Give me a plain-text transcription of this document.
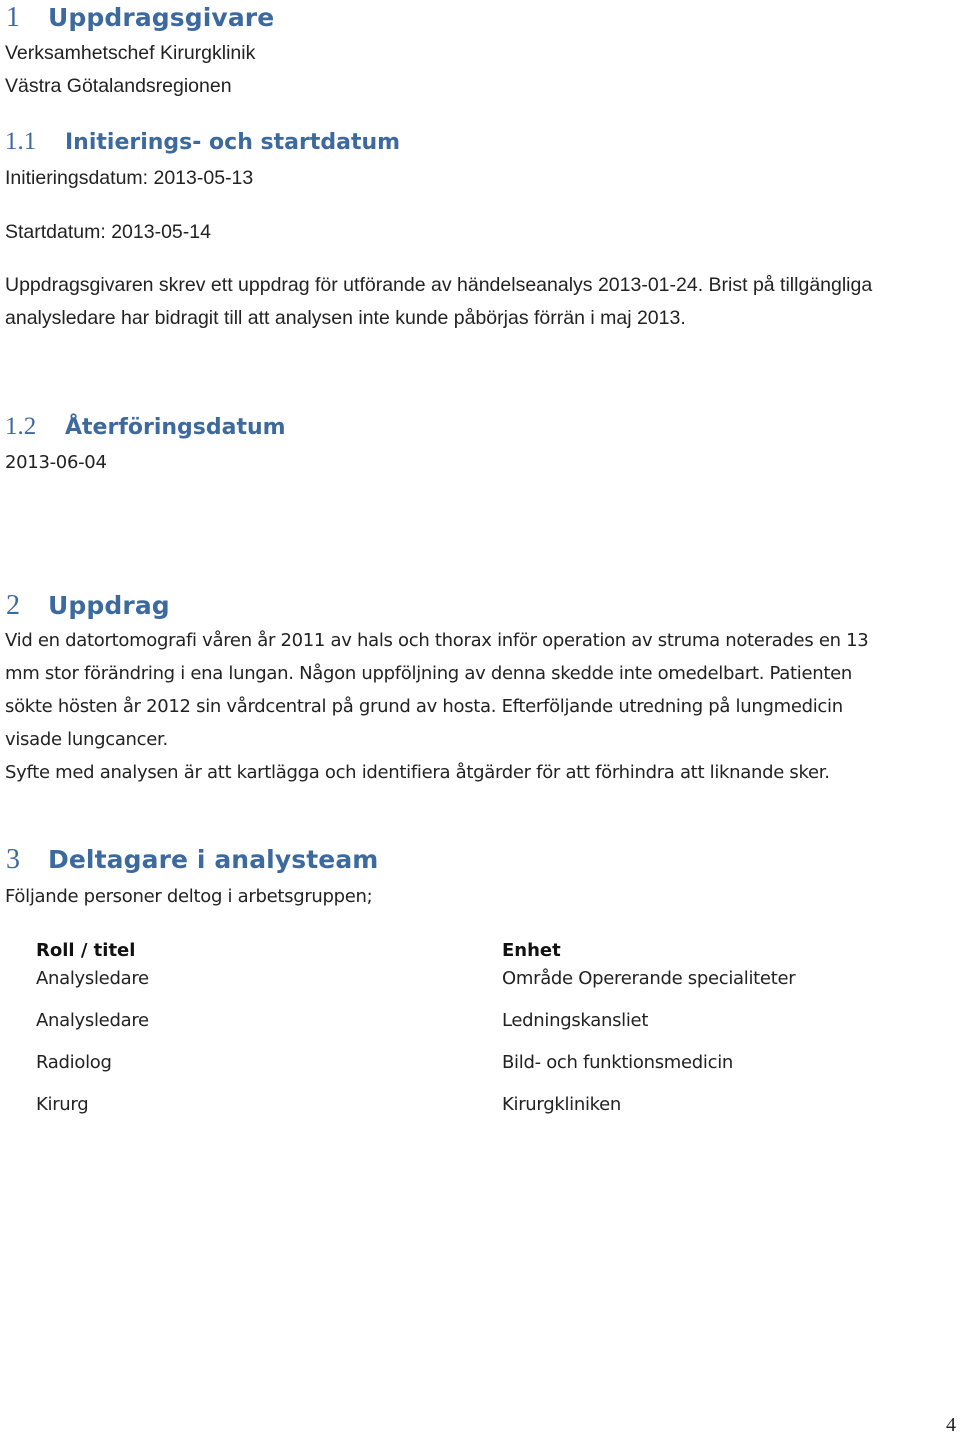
1 Uppdragsgivare
Verksamhetschef Kirurgklinik
Västra Götalandsregionen
1.1 Initierings- och startdatum
Initieringsdatum: 2013-05-13
Startdatum: 2013-05-14
Uppdragsgivaren skrev ett uppdrag för utförande av händelseanalys 2013-01-24. Brist på tillgängliga
analysledare har bidragit till att analysen inte kunde påbörjas förrän i maj 2013.
1.2 Återföringsdatum
2013-06-04
2 Uppdrag
Vid en datortomografi våren år 2011 av hals och thorax inför operation av struma noterades en 13
mm stor förändring i ena lungan. Någon uppföljning av denna skedde inte omedelbart. Patienten
sökte hösten år 2012 sin vårdcentral på grund av hosta. Efterföljande utredning på lungmedicin
visade lungcancer.
Syfte med analysen är att kartlägga och identifiera åtgärder för att förhindra att liknande sker.
3 Deltagare i analysteam
Följande personer deltog i arbetsgruppen;
Roll / titel	Enhet
Analysledare	Område Opererande specialiteter
Analysledare	Ledningskansliet
Radiolog	Bild- och funktionsmedicin
Kirurg	Kirurgkliniken
4
